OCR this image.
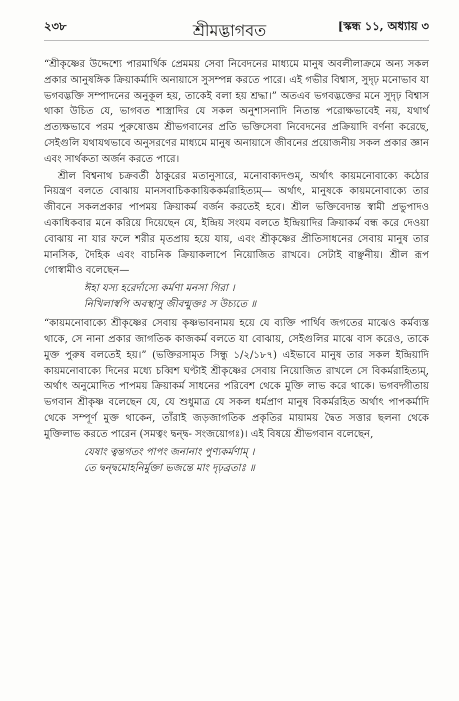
২৩৮	[স্কন্ধ ১১, অধ্যায় ৩
শ্রীমদ্ভাগবত

“শ্রীকৃষ্ণের উদ্দেশ্যে পারমার্থিক প্রেমময় সেবা নিবেদনের মাধ্যমে মানুষ অবলীলাক্রমে অন্য সকল প্রকার আনুষঙ্গিক ক্রিয়াকর্মাদি অনায়াসে সুসম্পন্ন করতে পারে। এই গভীর বিশ্বাস, সুদৃঢ় মনোভাব যা ভগবদ্ভক্তি সম্পাদনের অনুকূল হয়, তাকেই বলা হয় শ্রদ্ধা।” অতএব ভগবদ্ভক্তের মনে সুদৃঢ় বিশ্বাস থাকা উচিত যে, ভাগবত শাস্ত্রাদির যে সকল অনুশাসনাদি নিতান্ত পরোক্ষভাবেই নয়, যথার্থ প্রত্যক্ষভাবে পরম পুরুষোত্তম শ্রীভগবানের প্রতি ভক্তিসেবা নিবেদনের প্রক্রিয়াদি বর্ণনা করেছে, সেইগুলি যথাযথভাবে অনুসরণের মাধ্যমে মানুষ অনায়াসে জীবনের প্রয়োজনীয় সকল প্রকার জ্ঞান এবং সার্থকতা অর্জন করতে পারে।

শ্রীল বিশ্বনাথ চক্রবর্তী ঠাকুরের মতানুসারে, মনোবাক্যদণ্ডম্‌, অর্থাৎ কায়মনোবাক্যে কঠোর নিয়ন্ত্রণ বলতে বোঝায় মানসবাচিককায়িককর্মরাহিত্যম্‌— অর্থাৎ, মানুষকে কায়মনোবাক্যে তার জীবনে সকলপ্রকার পাপময় ক্রিয়াকর্ম বর্জন করতেই হবে। শ্রীল ভক্তিবেদান্ত স্বামী প্রভুপাদও একাধিকবার মনে করিয়ে দিয়েছেন যে, ইন্দ্রিয় সংযম বলতে ইন্দ্রিয়াদির ক্রিয়াকর্ম বন্ধ করে দেওয়া বোঝায় না যার ফলে শরীর মৃতপ্রায় হয়ে যায়, এবং শ্রীকৃষ্ণের প্রীতিসাধনের সেবায় মানুষ তার মানসিক, দৈহিক এবং বাচনিক ক্রিয়াকলাপে নিয়োজিত রাখবে। সেটাই বাঞ্ছনীয়। শ্রীল রূপ গোস্বামীও বলেছেন—

ঈহা যস্য হরের্দাস্যে কর্মণা মনসা গিরা ।
নিখিলাস্বপি অবস্থাসু জীবন্মুক্তঃ স উচ্যতে ॥

“কায়মনোবাক্যে শ্রীকৃষ্ণের সেবায় কৃষ্ণভাবনাময় হয়ে যে ব্যক্তি পার্থিব জগতের মাঝেও কর্মব্যস্ত থাকে, সে নানা প্রকার জাগতিক কাজকর্ম বলতে যা বোঝায়, সেইগুলির মাঝে বাস করেও, তাকে মুক্ত পুরুষ বলতেই হয়।” (ভক্তিরসামৃত সিন্ধু ১/২/১৮৭) এইভাবে মানুষ তার সকল ইন্দ্রিয়াদি কায়মনোবাক্যে দিনের মধ্যে চব্বিশ ঘণ্টাই শ্রীকৃষ্ণের সেবায় নিয়োজিত রাখলে সে বিকর্মরাহিত্যম্‌, অর্থাৎ অনুমোদিত পাপময় ক্রিয়াকর্ম সাধনের পরিবেশ থেকে মুক্তি লাভ করে থাকে। ভগবদ্গীতায় ভগবান শ্রীকৃষ্ণ বলেছেন যে, যে শুধুমাত্র যে সকল ধর্মপ্রাণ মানুষ বিকর্মরহিত অর্থাৎ পাপকর্মাদি থেকে সম্পূর্ণ মুক্ত থাকেন, তাঁরাই জড়জাগতিক প্রকৃতির মায়াময় দ্বৈত সত্তার ছলনা থেকে মুক্তিলাভ করতে পারেন (সমত্বং দ্বন্দ্ব- সংজয়োগঃ)। এই বিষয়ে শ্রীভগবান বলেছেন,

যেষাং ত্বন্তগতং পাপং জনানাং পুণ্যকর্মণাম্‌ ।
তে দ্বন্দ্বমোহনির্মুক্তা ভজন্তে মাং দৃঢ়ব্রতাঃ ॥
